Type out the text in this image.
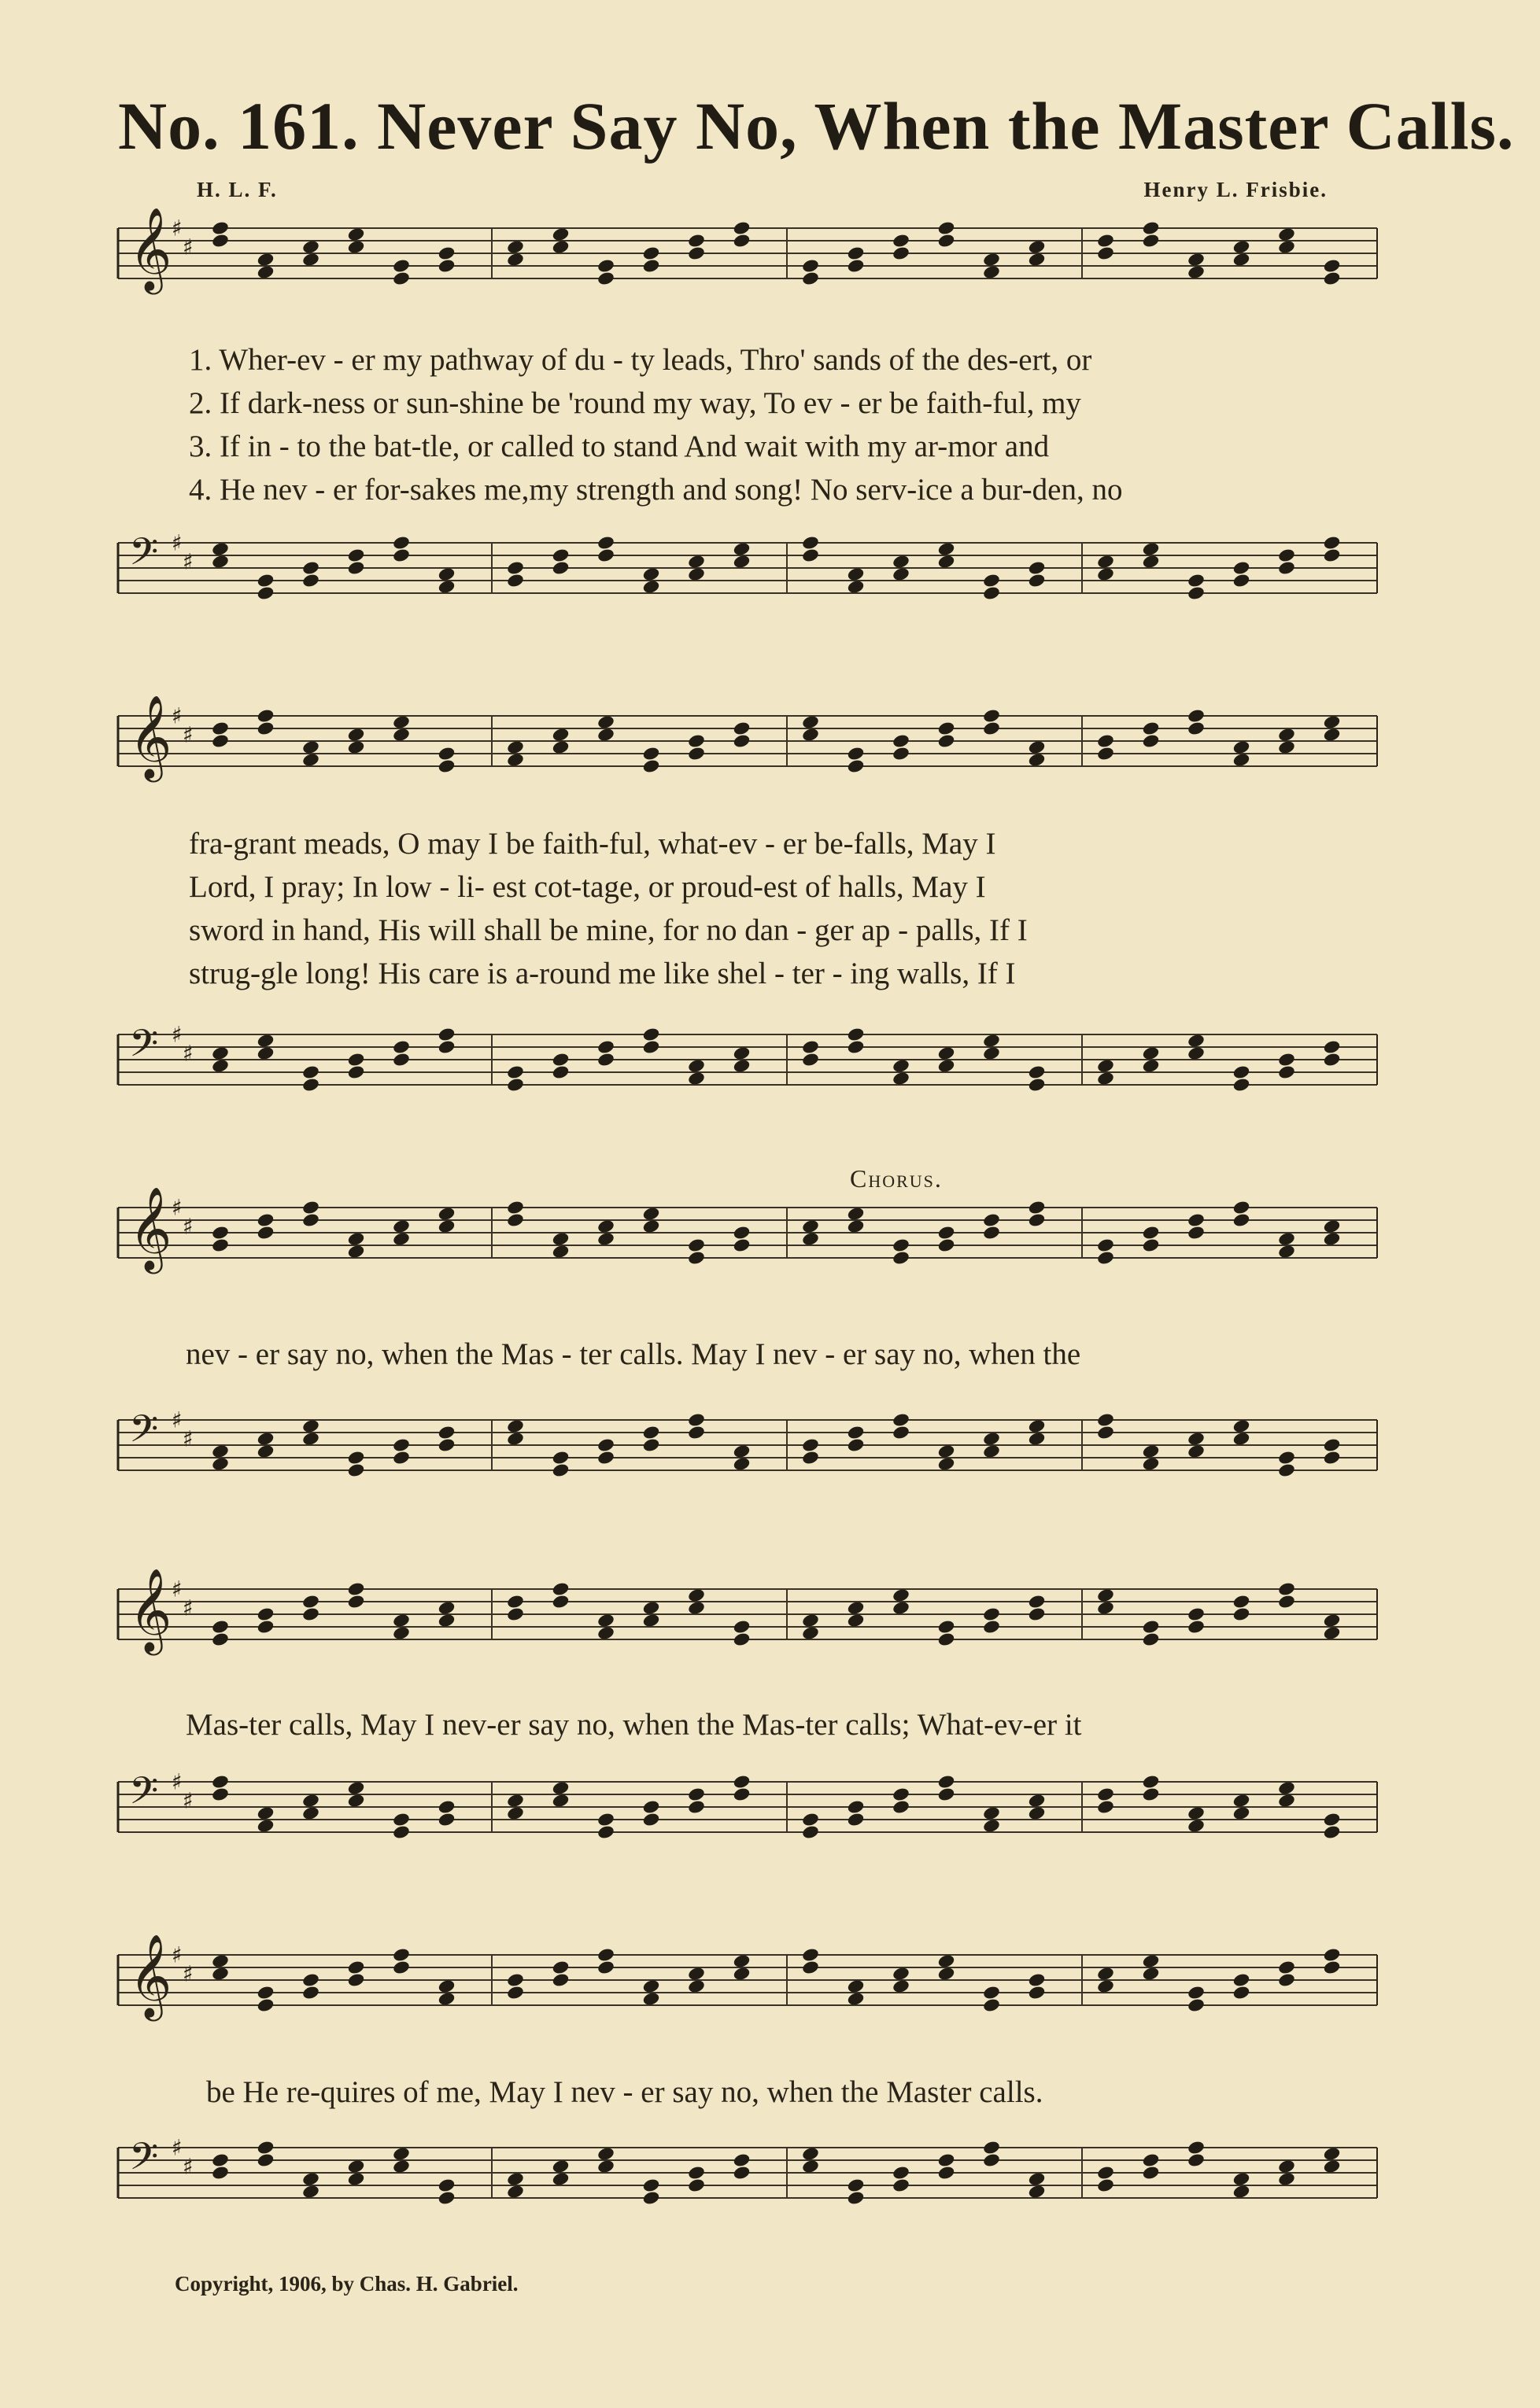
No. 161. Never Say No, When the Master Calls.
H. L. F.	Henry L. Frisbie.
𝄞 ♯
♯
1. Wher-ev - er my pathway of du - ty leads, Thro' sands of the des-ert, or
2. If dark-ness or sun-shine be 'round my way, To ev - er be faith-ful, my
3. If in - to the bat-tle, or called to stand And wait with my ar-mor and
4. He nev - er for-sakes me,my strength and song! No serv-ice a bur-den, no
𝄢 ♯
♯
𝄞 ♯
♯
fra-grant meads, O may I be faith-ful, what-ev - er be-falls, May I
Lord, I pray; In low - li- est cot-tage, or proud-est of halls, May I
sword in hand, His will shall be mine, for no dan - ger ap - palls, If I
strug-gle long! His care is a-round me like shel - ter - ing walls, If I
𝄢 ♯
♯
Chorus.
𝄞 ♯
♯
nev - er say no, when the Mas - ter calls. May I nev - er say no, when the
𝄢 ♯
♯
𝄞 ♯
♯
Mas-ter calls, May I nev-er say no, when the Mas-ter calls; What-ev-er it
𝄢 ♯
♯
𝄞 ♯
♯
be He re-quires of me, May I nev - er say no, when the Master calls.
𝄢 ♯
♯
Copyright, 1906, by Chas. H. Gabriel.
